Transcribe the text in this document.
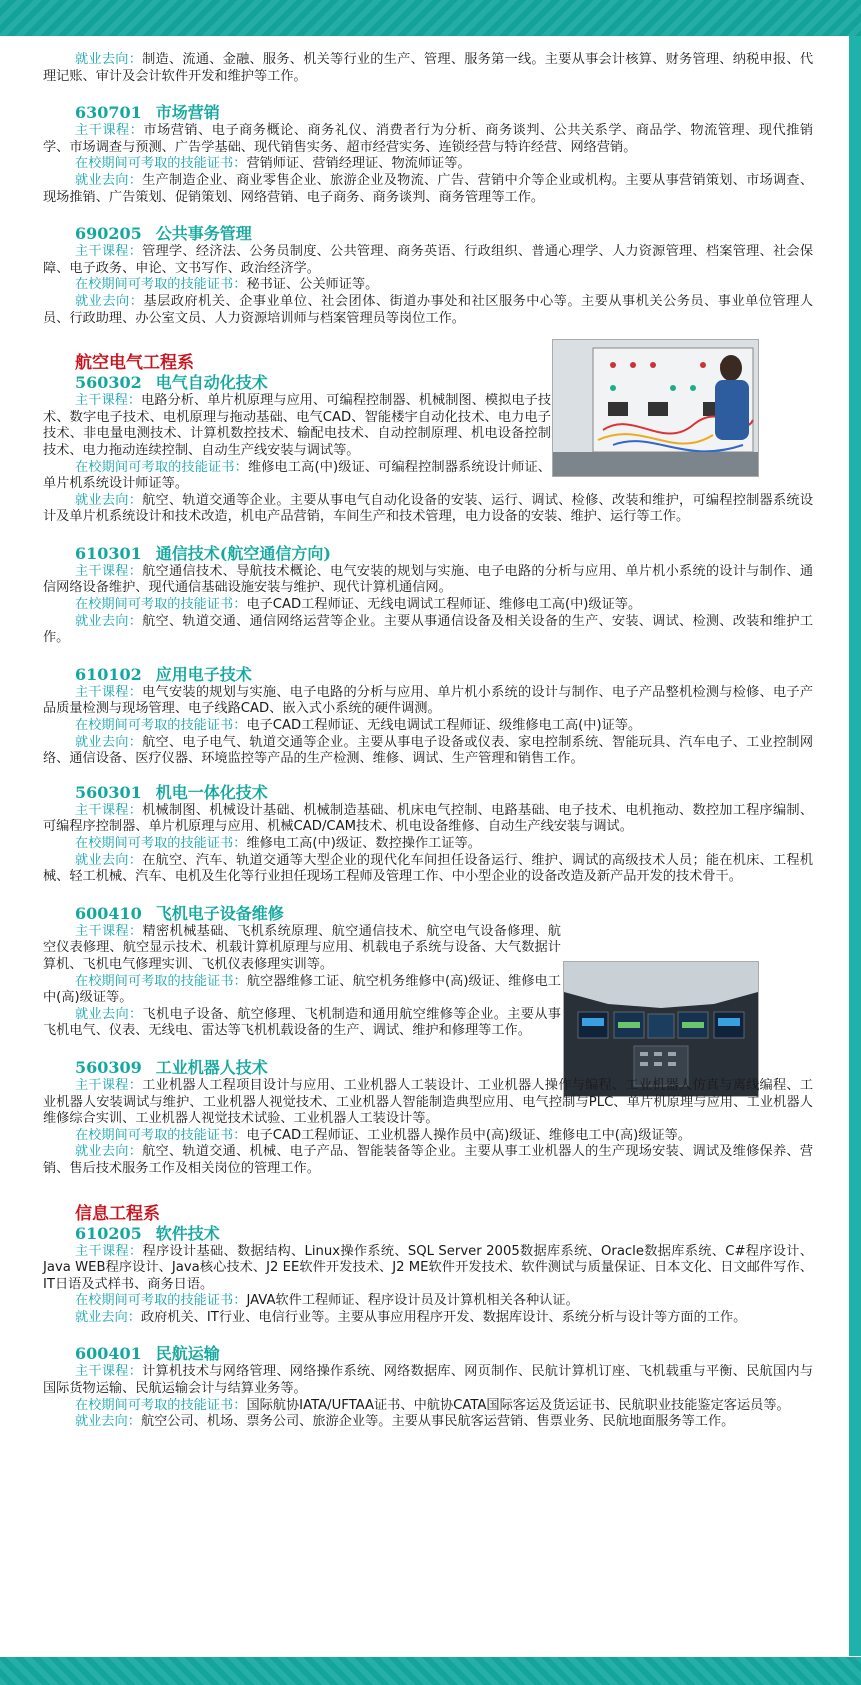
就业去向：制造、流通、金融、服务、机关等行业的生产、管理、服务第一线。主要从事会计核算、财务管理、纳税申报、代理记账、审计及会计软件开发和维护等工作。

630701 市场营销

主干课程：市场营销、电子商务概论、商务礼仪、消费者行为分析、商务谈判、公共关系学、商品学、物流管理、现代推销学、市场调查与预测、广告学基础、现代销售实务、超市经营实务、连锁经营与特许经营、网络营销。

在校期间可考取的技能证书：营销师证、营销经理证、物流师证等。

就业去向：生产制造企业、商业零售企业、旅游企业及物流、广告、营销中介等企业或机构。主要从事营销策划、市场调查、现场推销、广告策划、促销策划、网络营销、电子商务、商务谈判、商务管理等工作。

690205 公共事务管理

主干课程：管理学、经济法、公务员制度、公共管理、商务英语、行政组织、普通心理学、人力资源管理、档案管理、社会保障、电子政务、申论、文书写作、政治经济学。

在校期间可考取的技能证书：秘书证、公关师证等。

就业去向：基层政府机关、企事业单位、社会团体、街道办事处和社区服务中心等。主要从事机关公务员、事业单位管理人员、行政助理、办公室文员、人力资源培训师与档案管理员等岗位工作。

航空电气工程系

560302 电气自动化技术

主干课程：电路分析、单片机原理与应用、可编程控制器、机械制图、模拟电子技术、数字电子技术、电机原理与拖动基础、电气CAD、智能楼宇自动化技术、电力电子技术、非电量电测技术、计算机数控技术、输配电技术、自动控制原理、机电设备控制技术、电力拖动连续控制、自动生产线安装与调试等。

在校期间可考取的技能证书：维修电工高(中)级证、可编程控制器系统设计师证、单片机系统设计师证等。

就业去向：航空、轨道交通等企业。主要从事电气自动化设备的安装、运行、调试、检修、改装和维护，可编程控制器系统设计及单片机系统设计和技术改造，机电产品营销，车间生产和技术管理，电力设备的安装、维护、运行等工作。

610301 通信技术(航空通信方向)

主干课程：航空通信技术、导航技术概论、电气安装的规划与实施、电子电路的分析与应用、单片机小系统的设计与制作、通信网络设备维护、现代通信基础设施安装与维护、现代计算机通信网。

在校期间可考取的技能证书：电子CAD工程师证、无线电调试工程师证、维修电工高(中)级证等。

就业去向：航空、轨道交通、通信网络运营等企业。主要从事通信设备及相关设备的生产、安装、调试、检测、改装和维护工作。

610102 应用电子技术

主干课程：电气安装的规划与实施、电子电路的分析与应用、单片机小系统的设计与制作、电子产品整机检测与检修、电子产品质量检测与现场管理、电子线路CAD、嵌入式小系统的硬件调测。

在校期间可考取的技能证书：电子CAD工程师证、无线电调试工程师证、级维修电工高(中)证等。

就业去向：航空、电子电气、轨道交通等企业。主要从事电子设备或仪表、家电控制系统、智能玩具、汽车电子、工业控制网络、通信设备、医疗仪器、环境监控等产品的生产检测、维修、调试、生产管理和销售工作。

560301 机电一体化技术

主干课程：机械制图、机械设计基础、机械制造基础、机床电气控制、电路基础、电子技术、电机拖动、数控加工程序编制、可编程序控制器、单片机原理与应用、机械CAD/CAM技术、机电设备维修、自动生产线安装与调试。

在校期间可考取的技能证书：维修电工高(中)级证、数控操作工证等。

就业去向：在航空、汽车、轨道交通等大型企业的现代化车间担任设备运行、维护、调试的高级技术人员；能在机床、工程机械、轻工机械、汽车、电机及生化等行业担任现场工程师及管理工作、中小型企业的设备改造及新产品开发的技术骨干。

600410 飞机电子设备维修

主干课程：精密机械基础、飞机系统原理、航空通信技术、航空电气设备修理、航空仪表修理、航空显示技术、机载计算机原理与应用、机载电子系统与设备、大气数据计算机、飞机电气修理实训、飞机仪表修理实训等。

在校期间可考取的技能证书：航空器维修工证、航空机务维修中(高)级证、维修电工中(高)级证等。

就业去向：飞机电子设备、航空修理、飞机制造和通用航空维修等企业。主要从事飞机电气、仪表、无线电、雷达等飞机机载设备的生产、调试、维护和修理等工作。

560309 工业机器人技术

主干课程：工业机器人工程项目设计与应用、工业机器人工装设计、工业机器人操作与编程、工业机器人仿真与离线编程、工业机器人安装调试与维护、工业机器人视觉技术、工业机器人智能制造典型应用、电气控制与PLC、单片机原理与应用、工业机器人维修综合实训、工业机器人视觉技术试验、工业机器人工装设计等。

在校期间可考取的技能证书：电子CAD工程师证、工业机器人操作员中(高)级证、维修电工中(高)级证等。

就业去向：航空、轨道交通、机械、电子产品、智能装备等企业。主要从事工业机器人的生产现场安装、调试及维修保养、营销、售后技术服务工作及相关岗位的管理工作。

信息工程系

610205 软件技术

主干课程：程序设计基础、数据结构、Linux操作系统、SQL Server 2005数据库系统、Oracle数据库系统、C#程序设计、Java WEB程序设计、Java核心技术、J2 EE软件开发技术、J2 ME软件开发技术、软件测试与质量保证、日本文化、日文邮件写作、IT日语及式样书、商务日语。

在校期间可考取的技能证书：JAVA软件工程师证、程序设计员及计算机相关各种认证。

就业去向：政府机关、IT行业、电信行业等。主要从事应用程序开发、数据库设计、系统分析与设计等方面的工作。

600401 民航运输

主干课程：计算机技术与网络管理、网络操作系统、网络数据库、网页制作、民航计算机订座、飞机载重与平衡、民航国内与国际货物运输、民航运输会计与结算业务等。

在校期间可考取的技能证书：国际航协IATA/UFTAA证书、中航协CATA国际客运及货运证书、民航职业技能鉴定客运员等。

就业去向：航空公司、机场、票务公司、旅游企业等。主要从事民航客运营销、售票业务、民航地面服务等工作。
